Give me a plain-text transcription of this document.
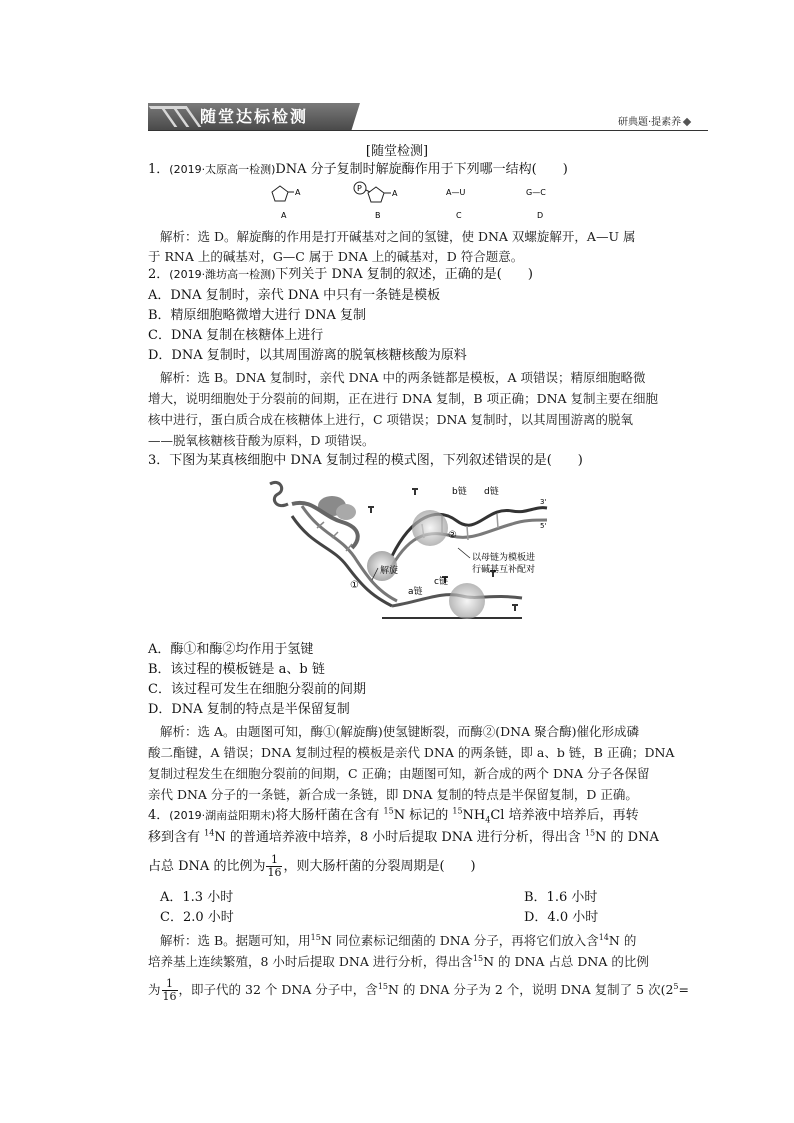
随堂达标检测	研典题·提素养
[随堂检测]
1．(2019·太原高一检测)DNA 分子复制时解旋酶作用于下列哪一结构(　　)
A	P
A	A—U	G—C
A	B	C	D
解析：选 D。解旋酶的作用是打开碱基对之间的氢键，使 DNA 双螺旋解开，A—U 属
于 RNA 上的碱基对，G—C 属于 DNA 上的碱基对，D 符合题意。
2．(2019·潍坊高一检测)下列关于 DNA 复制的叙述，正确的是(　　)
A．DNA 复制时，亲代 DNA 中只有一条链是模板
B．精原细胞略微增大进行 DNA 复制
C．DNA 复制在核糖体上进行
D．DNA 复制时，以其周围游离的脱氧核糖核酸为原料
解析：选 B。DNA 复制时，亲代 DNA 中的两条链都是模板，A 项错误；精原细胞略微
增大，说明细胞处于分裂前的间期，正在进行 DNA 复制，B 项正确；DNA 复制主要在细胞
核中进行，蛋白质合成在核糖体上进行，C 项错误；DNA 复制时，以其周围游离的脱氧
——脱氧核糖核苷酸为原料，D 项错误。
3．下图为某真核细胞中 DNA 复制过程的模式图，下列叙述错误的是(　　)
b链 d链
②
以母链为模板进
行碱基互补配对
解旋
①	c链
a链
3'
5'
A．酶①和酶②均作用于氢键
B．该过程的模板链是 a、b 链
C．该过程可发生在细胞分裂前的间期
D．DNA 复制的特点是半保留复制
解析：选 A。由题图可知，酶①(解旋酶)使氢键断裂，而酶②(DNA 聚合酶)催化形成磷
酸二酯键，A 错误；DNA 复制过程的模板是亲代 DNA 的两条链，即 a、b 链，B 正确；DNA
复制过程发生在细胞分裂前的间期，C 正确；由题图可知，新合成的两个 DNA 分子各保留
亲代 DNA 分子的一条链，新合成一条链，即 DNA 复制的特点是半保留复制，D 正确。
4．(2019·湖南益阳期末)将大肠杆菌在含有 $^{15}$N 标记的 $^{15}NH_4Cl$ 培养液中培养后，再转
移到含有 $^{14}$N 的普通培养液中培养，8 小时后提取 DNA 进行分析，得出含 $^{15}$N 的 DNA
占总 DNA 的比例为 $\frac{1}{16}$ ，则大肠杆菌的分裂周期是(　　)
A．1.3 小时	B．1.6 小时
C．2.0 小时	D．4.0 小时
解析：选 B。据题可知，用$^{15}$N 同位素标记细菌的 DNA 分子，再将它们放入含$^{14}$N 的
培养基上连续繁殖，8 小时后提取 DNA 进行分析，得出含$^{15}$N 的 DNA 占总 DNA 的比例
为 $\frac{1}{16}$ ，即子代的 32 个 DNA 分子中，含$^{15}$N 的 DNA 分子为 2 个，说明 DNA 复制了 5 次($2^5=$
